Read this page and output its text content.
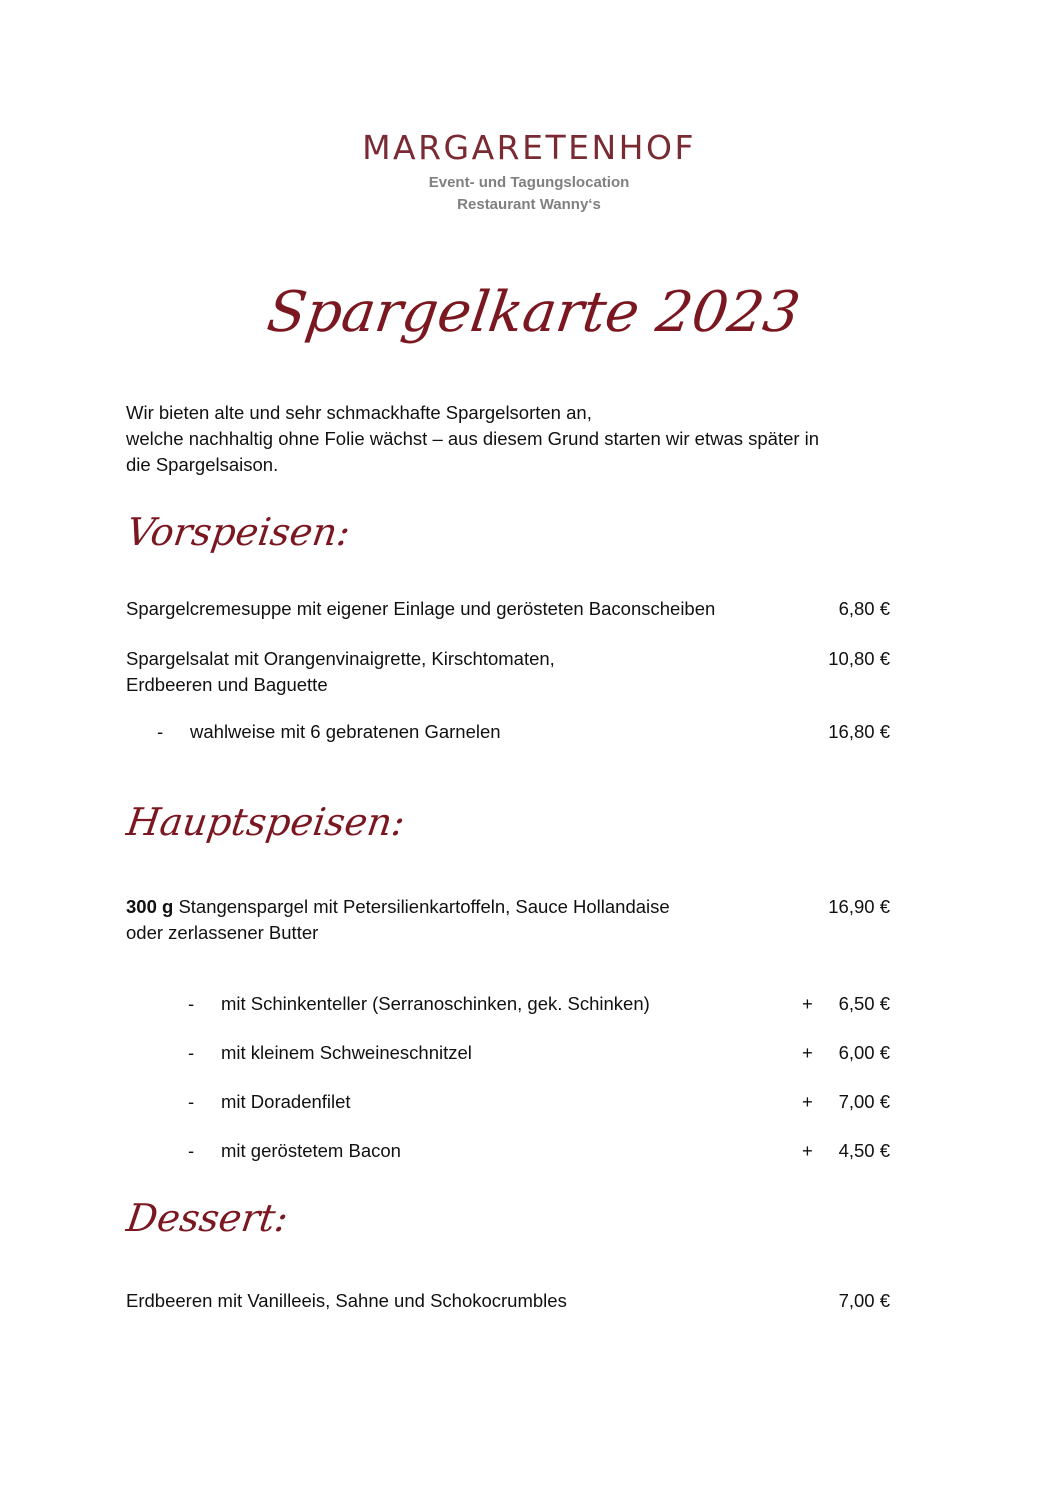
MARGARETENHOF
Event- und Tagungslocation
Restaurant Wanny‘s
Spargelkarte 2023
Wir bieten alte und sehr schmackhafte Spargelsorten an,
welche nachhaltig ohne Folie wächst – aus diesem Grund starten wir etwas später in
die Spargelsaison.
Vorspeisen:
Spargelcremesuppe mit eigener Einlage und gerösteten Baconscheiben	6,80 €
Spargelsalat mit Orangenvinaigrette, Kirschtomaten,
Erdbeeren und Baguette
10,80 €
- wahlweise mit 6 gebratenen Garnelen	16,80 €
Hauptspeisen:
300 g Stangenspargel mit Petersilienkartoffeln, Sauce Hollandaise
oder zerlassener Butter
16,90 €
- mit Schinkenteller (Serranoschinken, gek. Schinken)	+ 6,50 €
- mit kleinem Schweineschnitzel	+ 6,00 €
- mit Doradenfilet	+ 7,00 €
- mit geröstetem Bacon	+ 4,50 €
Dessert:
Erdbeeren mit Vanilleeis, Sahne und Schokocrumbles	7,00 €
